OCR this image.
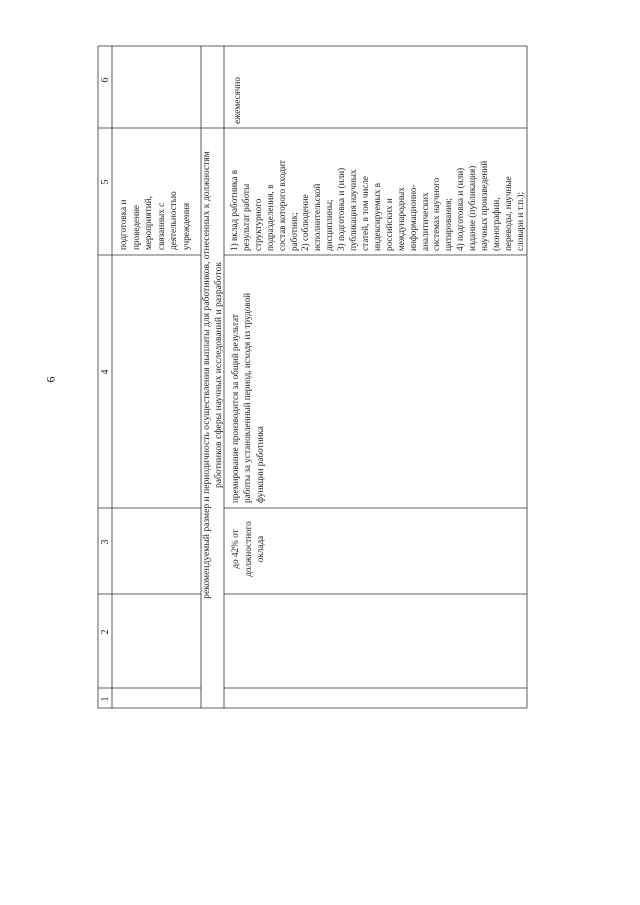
6
6
5
4
3
2
1
подготовка и
проведение
мероприятий,
связанных с
деятельностью
учреждения
рекомендуемый размер и периодичность осуществления выплаты для работников, отнесенных к должностям
работников сферы научных исследований и разработок
до 42% от
должностного
оклада
премирование производится за общий результат
работы за установленный период, исходя из трудовой
функции работника
1) вклад работника в
результат работы
структурного
подразделения, в
состав которого входит
работник;
2) соблюдение
исполнительской
дисциплины;
3) подготовка и (или)
публикация научных
статей, в том числе
индексируемых в
российских и
международных
информационно-
аналитических
системах научного
цитирования;
4) подготовка и (или)
издание (публикация)
научных произведений
(монографии,
переводы, научные
словари и т.п.);
ежемесячно
